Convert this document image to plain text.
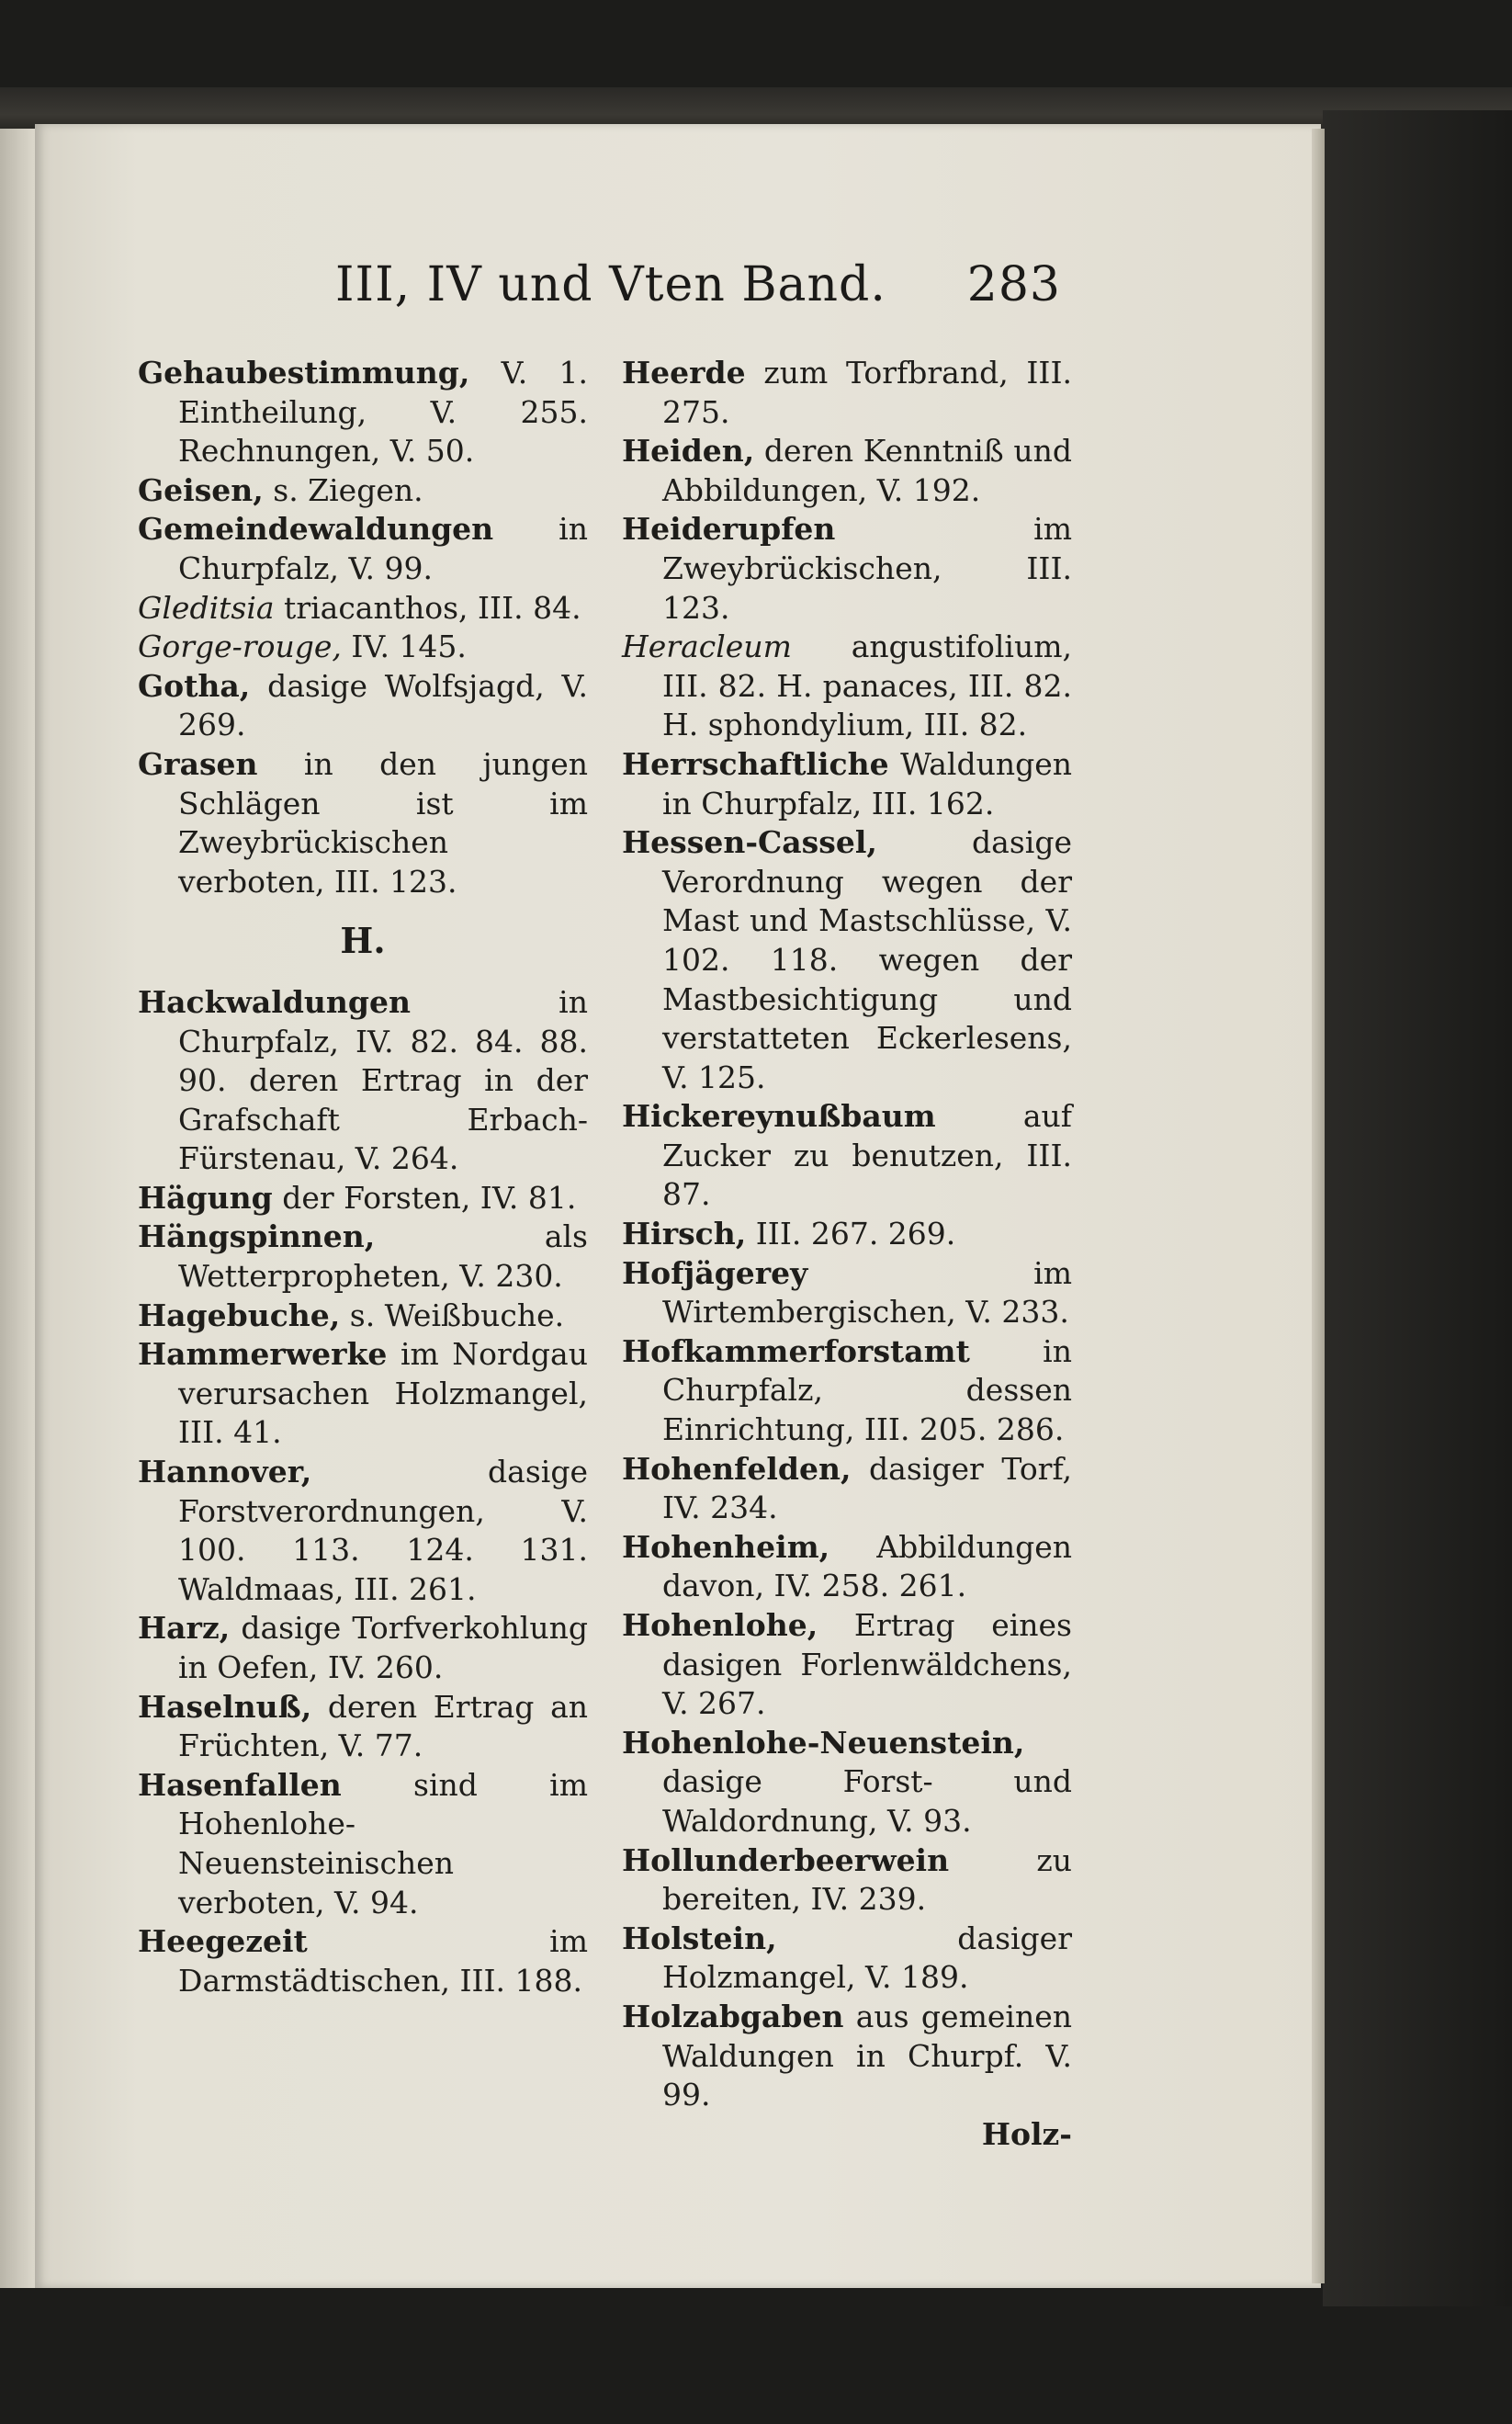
III, IV und Vten Band. 283
Gehaubestimmung, V. 1. Eintheilung, V. 255. Rechnungen, V. 50.
Geisen, s. Ziegen.
Gemeindewaldungen in Churpfalz, V. 99.
Gleditsia triacanthos, III. 84.
Gorge-rouge, IV. 145.
Gotha, dasige Wolfsjagd, V. 269.
Grasen in den jungen Schlägen ist im Zweybrückischen verboten, III. 123.
H.
Hackwaldungen in Churpfalz, IV. 82. 84. 88. 90. deren Ertrag in der Grafschaft Erbach-Fürstenau, V. 264.
Hägung der Forsten, IV. 81.
Hängspinnen, als Wetterpropheten, V. 230.
Hagebuche, s. Weißbuche.
Hammerwerke im Nordgau verursachen Holzmangel, III. 41.
Hannover, dasige Forstverordnungen, V. 100. 113. 124. 131. Waldmaas, III. 261.
Harz, dasige Torfverkohlung in Oefen, IV. 260.
Haselnuß, deren Ertrag an Früchten, V. 77.
Hasenfallen sind im Hohenlohe-Neuensteinischen verboten, V. 94.
Heegezeit im Darmstädtischen, III. 188.
Heerde zum Torfbrand, III. 275.
Heiden, deren Kenntniß und Abbildungen, V. 192.
Heiderupfen im Zweybrückischen, III. 123.
Heracleum angustifolium, III. 82. H. panaces, III. 82. H. sphondylium, III. 82.
Herrschaftliche Waldungen in Churpfalz, III. 162.
Hessen-Cassel, dasige Verordnung wegen der Mast und Mastschlüsse, V. 102. 118. wegen der Mastbesichtigung und verstatteten Eckerlesens, V. 125.
Hickereynußbaum auf Zucker zu benutzen, III. 87.
Hirsch, III. 267. 269.
Hofjägerey im Wirtembergischen, V. 233.
Hofkammerforstamt in Churpfalz, dessen Einrichtung, III. 205. 286.
Hohenfelden, dasiger Torf, IV. 234.
Hohenheim, Abbildungen davon, IV. 258. 261.
Hohenlohe, Ertrag eines dasigen Forlenwäldchens, V. 267.
Hohenlohe-Neuenstein, dasige Forst- und Waldordnung, V. 93.
Hollunderbeerwein zu bereiten, IV. 239.
Holstein, dasiger Holzmangel, V. 189.
Holzabgaben aus gemeinen Waldungen in Churpf. V. 99.
Holz-
